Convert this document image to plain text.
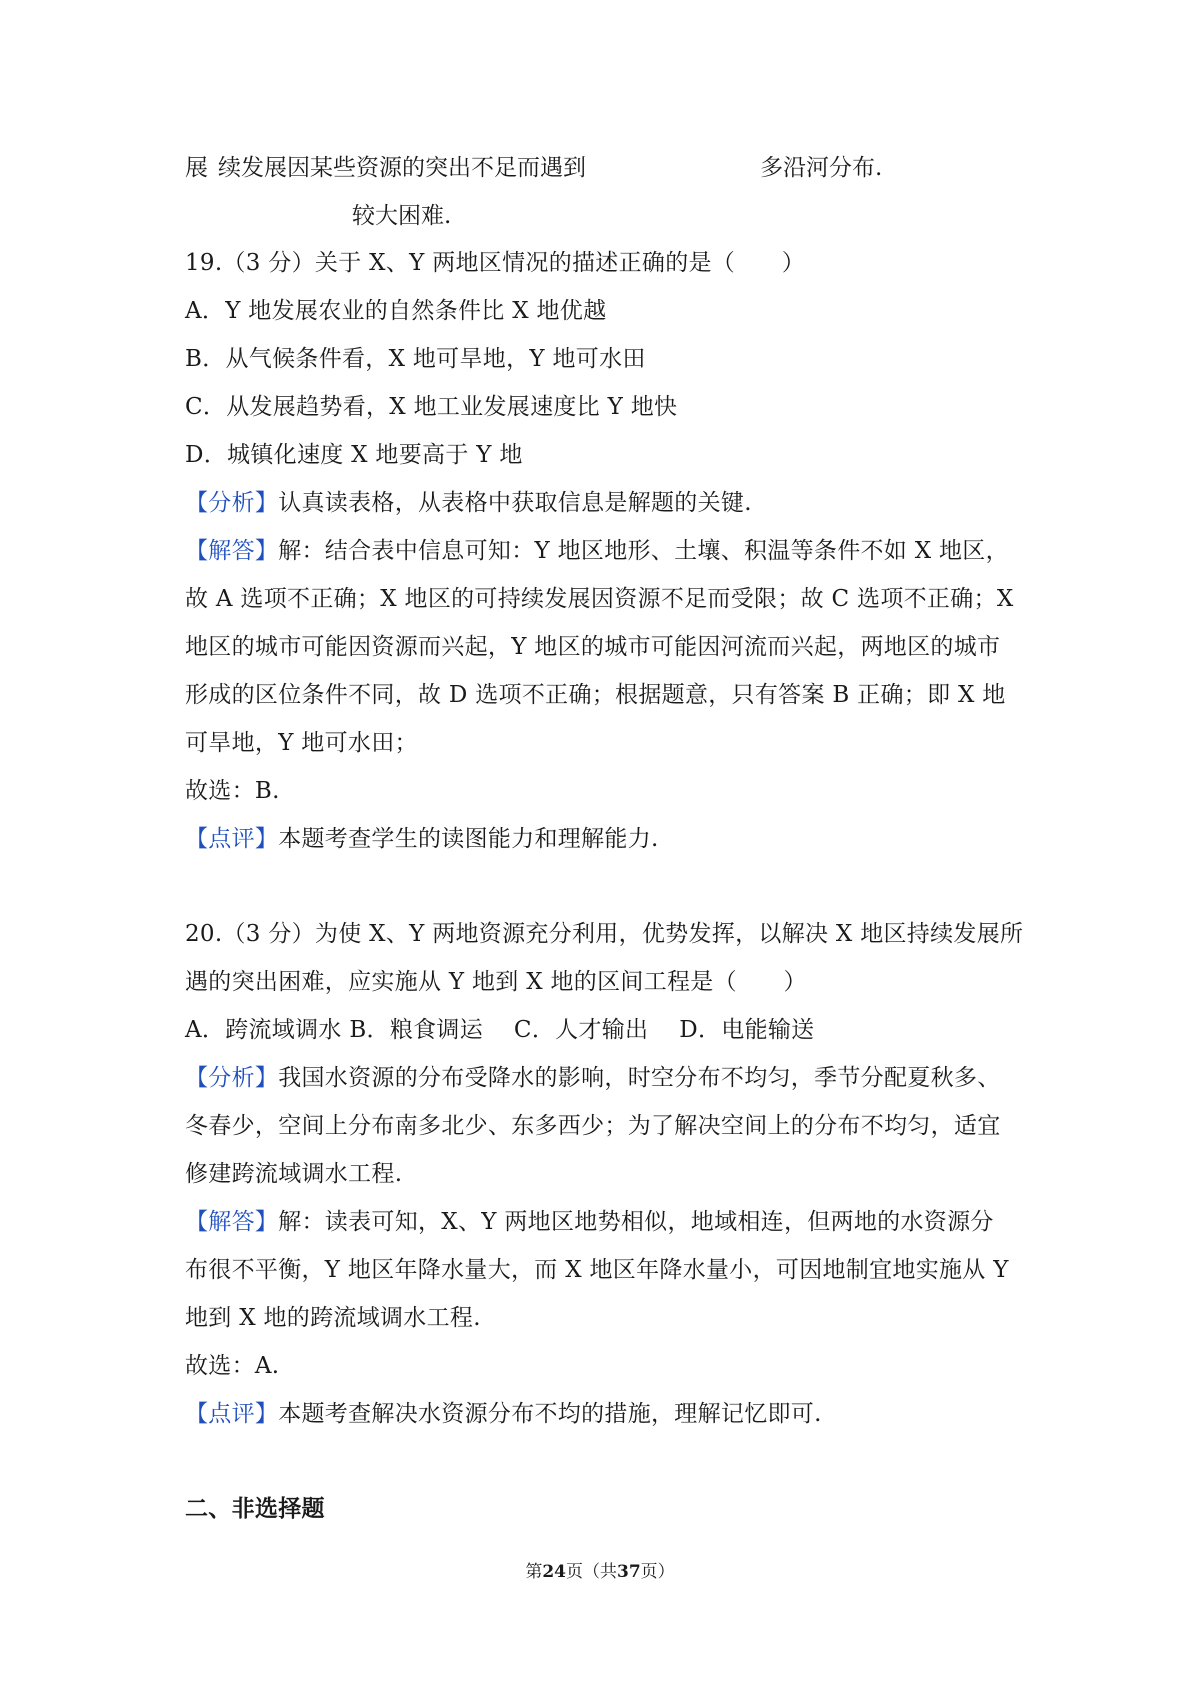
展 续发展因某些资源的突出不足而遇到	多沿河分布.
较大困难.
19.（3 分）关于 X、Y 两地区情况的描述正确的是（　　）
A．Y 地发展农业的自然条件比 X 地优越
B．从气候条件看，X 地可旱地，Y 地可水田
C．从发展趋势看，X 地工业发展速度比 Y 地快
D．城镇化速度 X 地要高于 Y 地
【分析】认真读表格，从表格中获取信息是解题的关键.
【解答】解：结合表中信息可知：Y 地区地形、土壤、积温等条件不如 X 地区，
故 A 选项不正确；X 地区的可持续发展因资源不足而受限；故 C 选项不正确；X
地区的城市可能因资源而兴起，Y 地区的城市可能因河流而兴起，两地区的城市
形成的区位条件不同，故 D 选项不正确；根据题意，只有答案 B 正确；即 X 地
可旱地，Y 地可水田；
故选：B.
【点评】本题考查学生的读图能力和理解能力.
20.（3 分）为使 X、Y 两地资源充分利用，优势发挥，以解决 X 地区持续发展所
遇的突出困难，应实施从 Y 地到 X 地的区间工程是（　　）
A．跨流域调水 B．粮食调运　 C．人才输出　 D．电能输送
【分析】我国水资源的分布受降水的影响，时空分布不均匀，季节分配夏秋多、
冬春少，空间上分布南多北少、东多西少；为了解决空间上的分布不均匀，适宜
修建跨流域调水工程.
【解答】解：读表可知，X、Y 两地区地势相似，地域相连，但两地的水资源分
布很不平衡，Y 地区年降水量大，而 X 地区年降水量小，可因地制宜地实施从 Y
地到 X 地的跨流域调水工程.
故选：A.
【点评】本题考查解决水资源分布不均的措施，理解记忆即可.
二、非选择题
第24页（共37页）
